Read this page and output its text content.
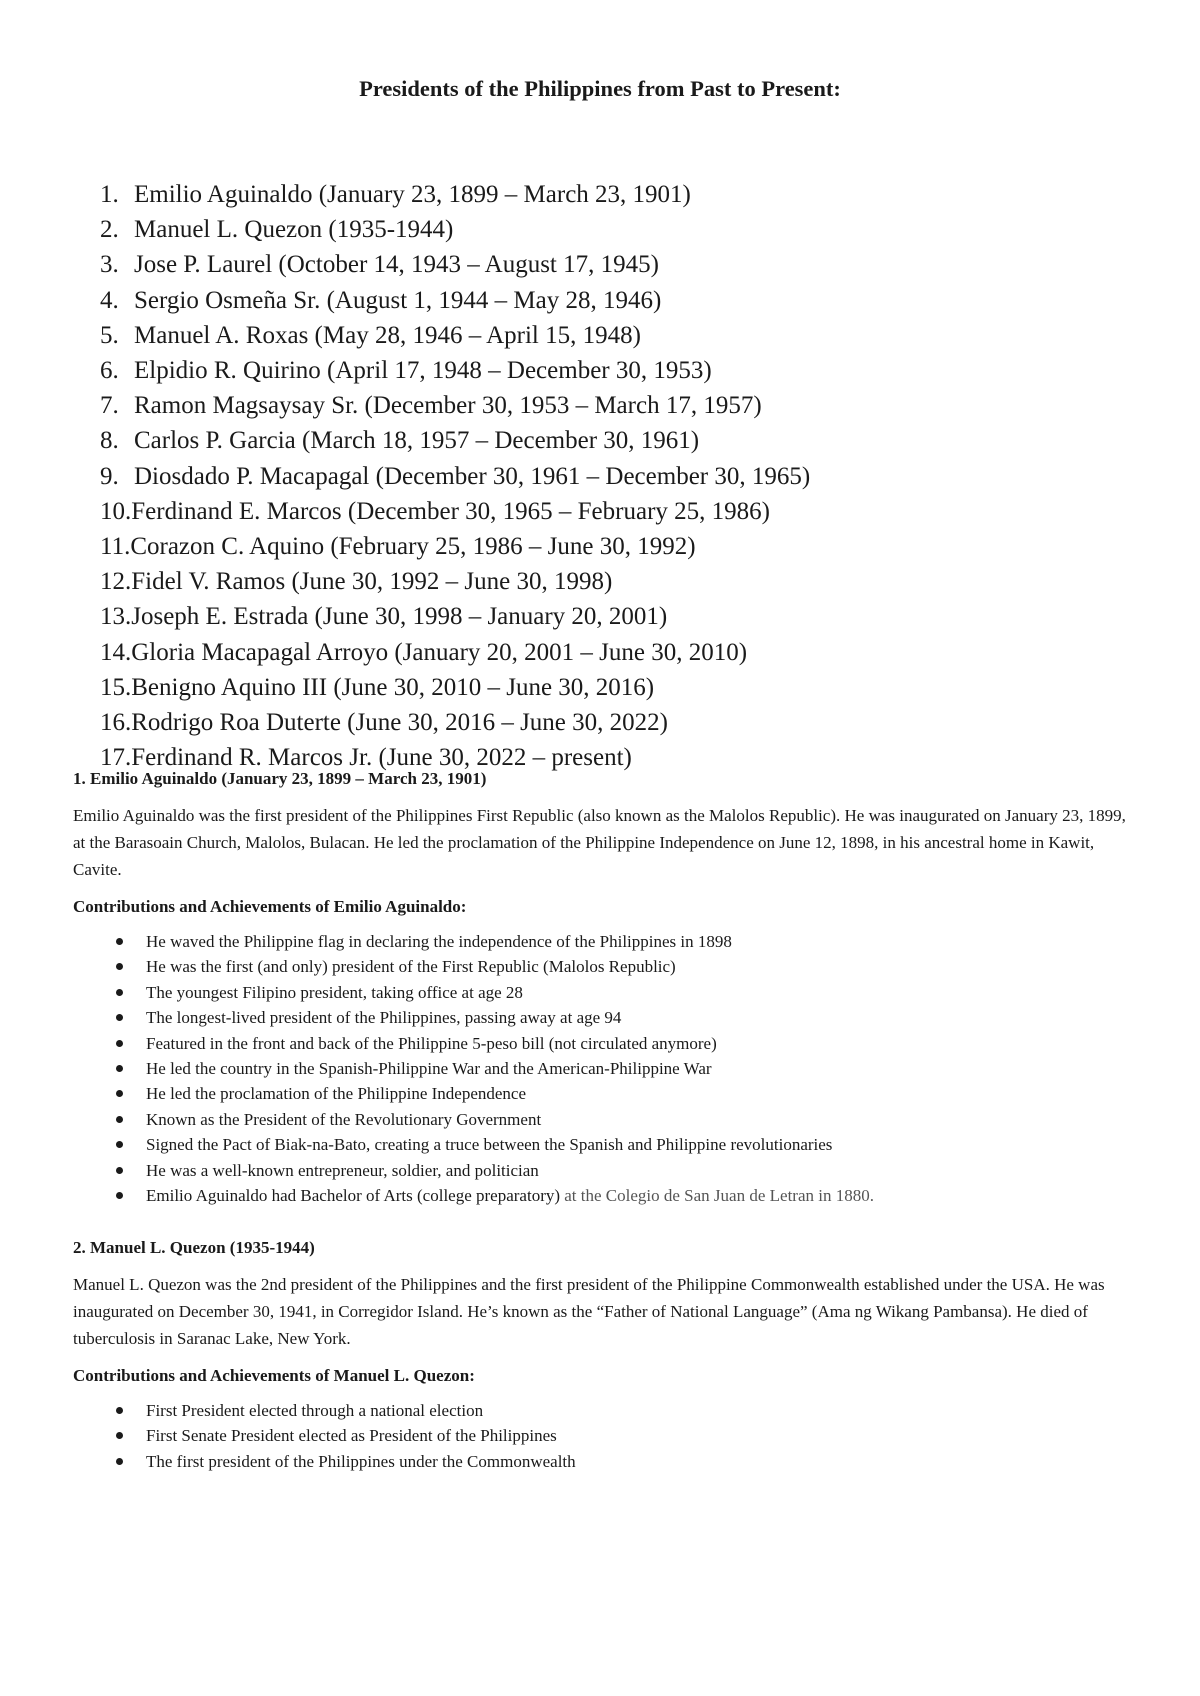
Presidents of the Philippines from Past to Present:
1. Emilio Aguinaldo (January 23, 1899 – March 23, 1901)
2. Manuel L. Quezon (1935-1944)
3. Jose P. Laurel (October 14, 1943 – August 17, 1945)
4. Sergio Osmeña Sr. (August 1, 1944 – May 28, 1946)
5. Manuel A. Roxas (May 28, 1946 – April 15, 1948)
6. Elpidio R. Quirino (April 17, 1948 – December 30, 1953)
7. Ramon Magsaysay Sr. (December 30, 1953 – March 17, 1957)
8. Carlos P. Garcia (March 18, 1957 – December 30, 1961)
9. Diosdado P. Macapagal (December 30, 1961 – December 30, 1965)
10. Ferdinand E. Marcos (December 30, 1965 – February 25, 1986)
11. Corazon C. Aquino (February 25, 1986 – June 30, 1992)
12. Fidel V. Ramos (June 30, 1992 – June 30, 1998)
13. Joseph E. Estrada (June 30, 1998 – January 20, 2001)
14. Gloria Macapagal Arroyo (January 20, 2001 – June 30, 2010)
15. Benigno Aquino III (June 30, 2010 – June 30, 2016)
16. Rodrigo Roa Duterte (June 30, 2016 – June 30, 2022)
17. Ferdinand R. Marcos Jr. (June 30, 2022 – present)

1. Emilio Aguinaldo (January 23, 1899 – March 23, 1901)

Emilio Aguinaldo was the first president of the Philippines First Republic (also known as the Malolos Republic). He was inaugurated on January 23, 1899, at the Barasoain Church, Malolos, Bulacan. He led the proclamation of the Philippine Independence on June 12, 1898, in his ancestral home in Kawit, Cavite.

Contributions and Achievements of Emilio Aguinaldo:

He waved the Philippine flag in declaring the independence of the Philippines in 1898
He was the first (and only) president of the First Republic (Malolos Republic)
The youngest Filipino president, taking office at age 28
The longest-lived president of the Philippines, passing away at age 94
Featured in the front and back of the Philippine 5-peso bill (not circulated anymore)
He led the country in the Spanish-Philippine War and the American-Philippine War
He led the proclamation of the Philippine Independence
Known as the President of the Revolutionary Government
Signed the Pact of Biak-na-Bato, creating a truce between the Spanish and Philippine revolutionaries
He was a well-known entrepreneur, soldier, and politician
Emilio Aguinaldo had Bachelor of Arts (college preparatory) at the Colegio de San Juan de Letran in 1880.

2. Manuel L. Quezon (1935-1944)

Manuel L. Quezon was the 2nd president of the Philippines and the first president of the Philippine Commonwealth established under the USA. He was inaugurated on December 30, 1941, in Corregidor Island. He’s known as the “Father of National Language” (Ama ng Wikang Pambansa). He died of tuberculosis in Saranac Lake, New York.

Contributions and Achievements of Manuel L. Quezon:

First President elected through a national election
First Senate President elected as President of the Philippines
The first president of the Philippines under the Commonwealth
